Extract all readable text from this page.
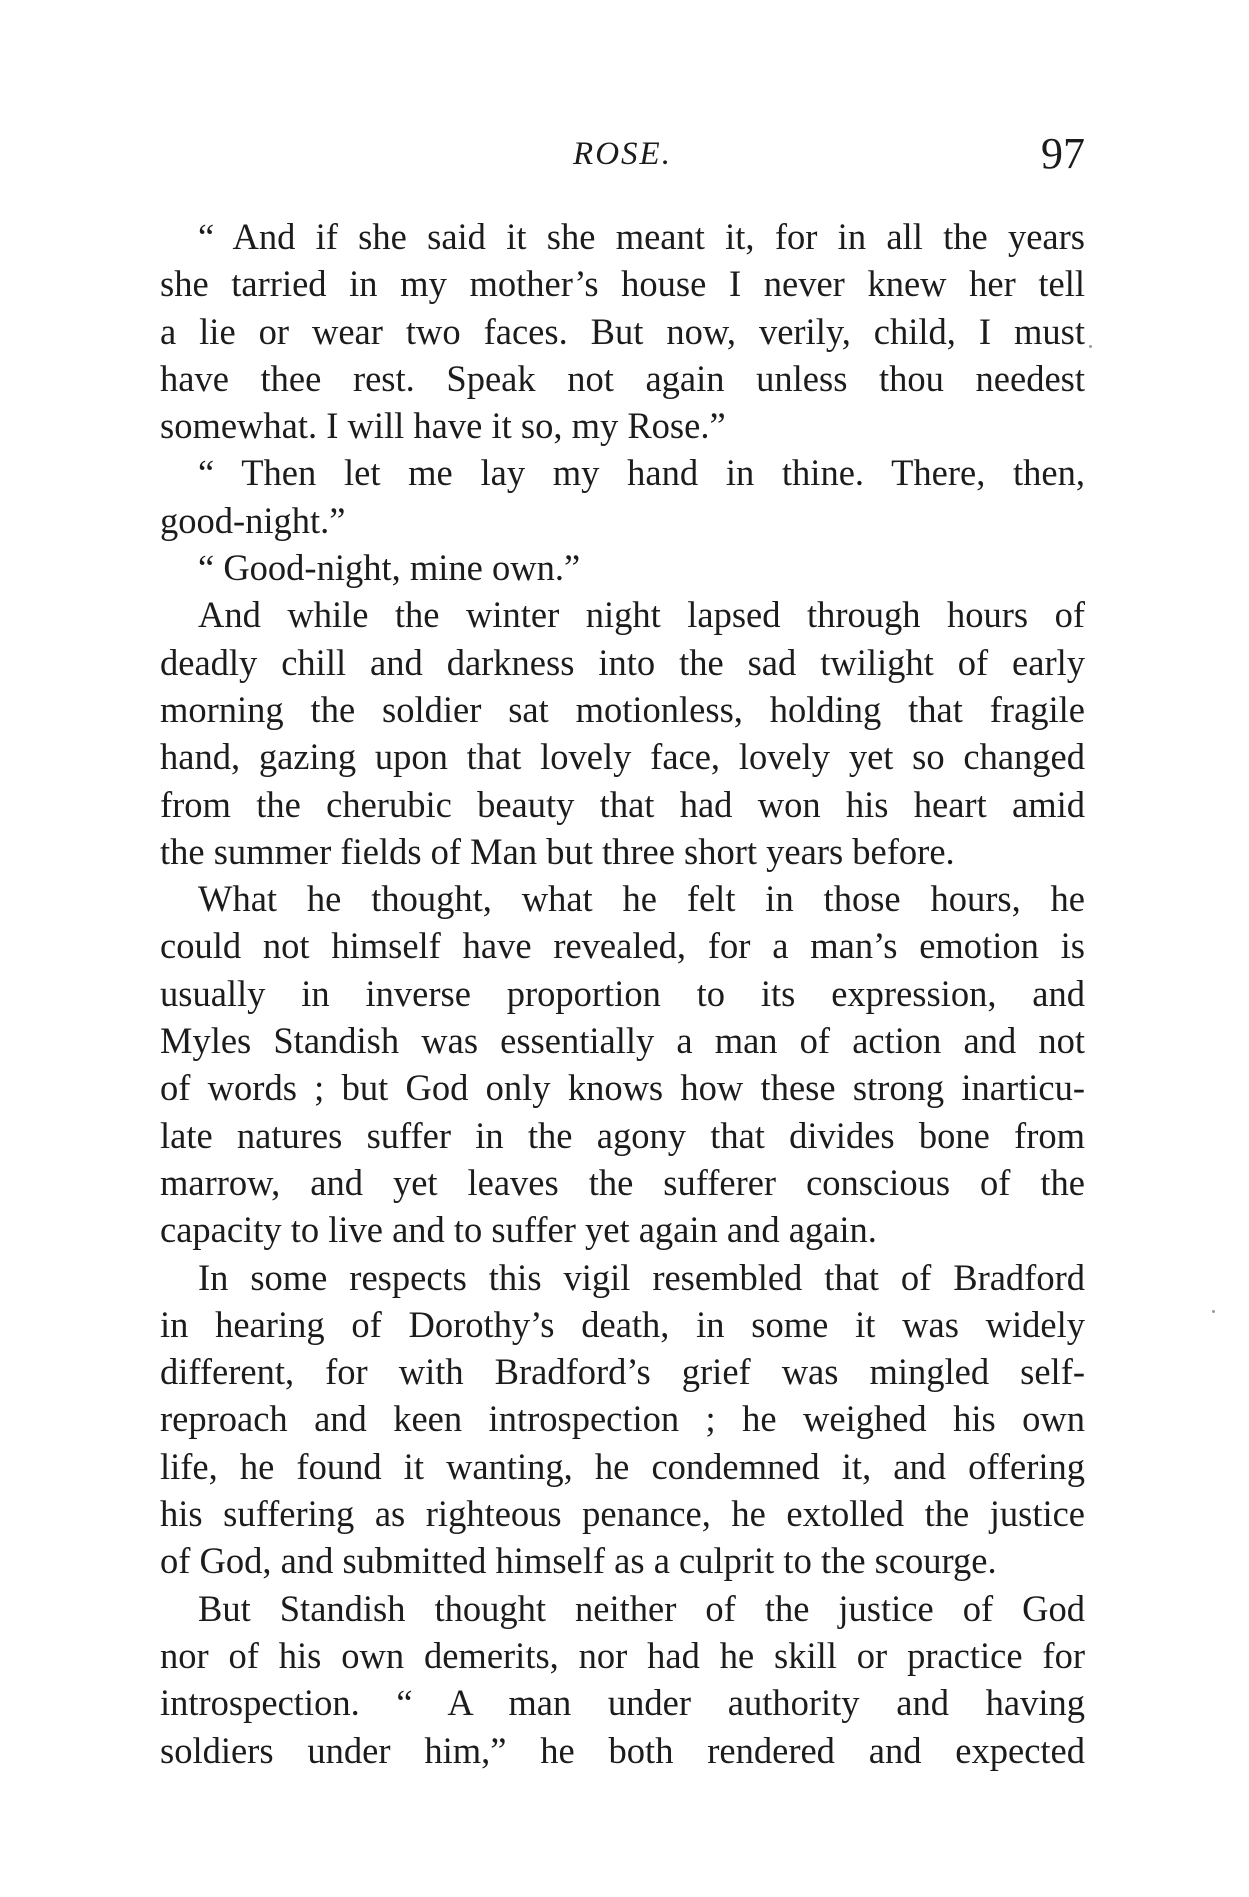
ROSE.	97
“ And if she said it she meant it, for in all the years
she tarried in my mother’s house I never knew her tell
a lie or wear two faces. But now, verily, child, I must
have thee rest. Speak not again unless thou needest
somewhat. I will have it so, my Rose.”
“ Then let me lay my hand in thine. There, then,
good-night.”
“ Good-night, mine own.”
And while the winter night lapsed through hours of
deadly chill and darkness into the sad twilight of early
morning the soldier sat motionless, holding that fragile
hand, gazing upon that lovely face, lovely yet so changed
from the cherubic beauty that had won his heart amid
the summer fields of Man but three short years before.
What he thought, what he felt in those hours, he
could not himself have revealed, for a man’s emotion is
usually in inverse proportion to its expression, and
Myles Standish was essentially a man of action and not
of words ; but God only knows how these strong inarticu-
late natures suffer in the agony that divides bone from
marrow, and yet leaves the sufferer conscious of the
capacity to live and to suffer yet again and again.
In some respects this vigil resembled that of Bradford
in hearing of Dorothy’s death, in some it was widely
different, for with Bradford’s grief was mingled self-
reproach and keen introspection ; he weighed his own
life, he found it wanting, he condemned it, and offering
his suffering as righteous penance, he extolled the justice
of God, and submitted himself as a culprit to the scourge.
But Standish thought neither of the justice of God
nor of his own demerits, nor had he skill or practice for
introspection. “ A man under authority and having
soldiers under him,” he both rendered and expected
